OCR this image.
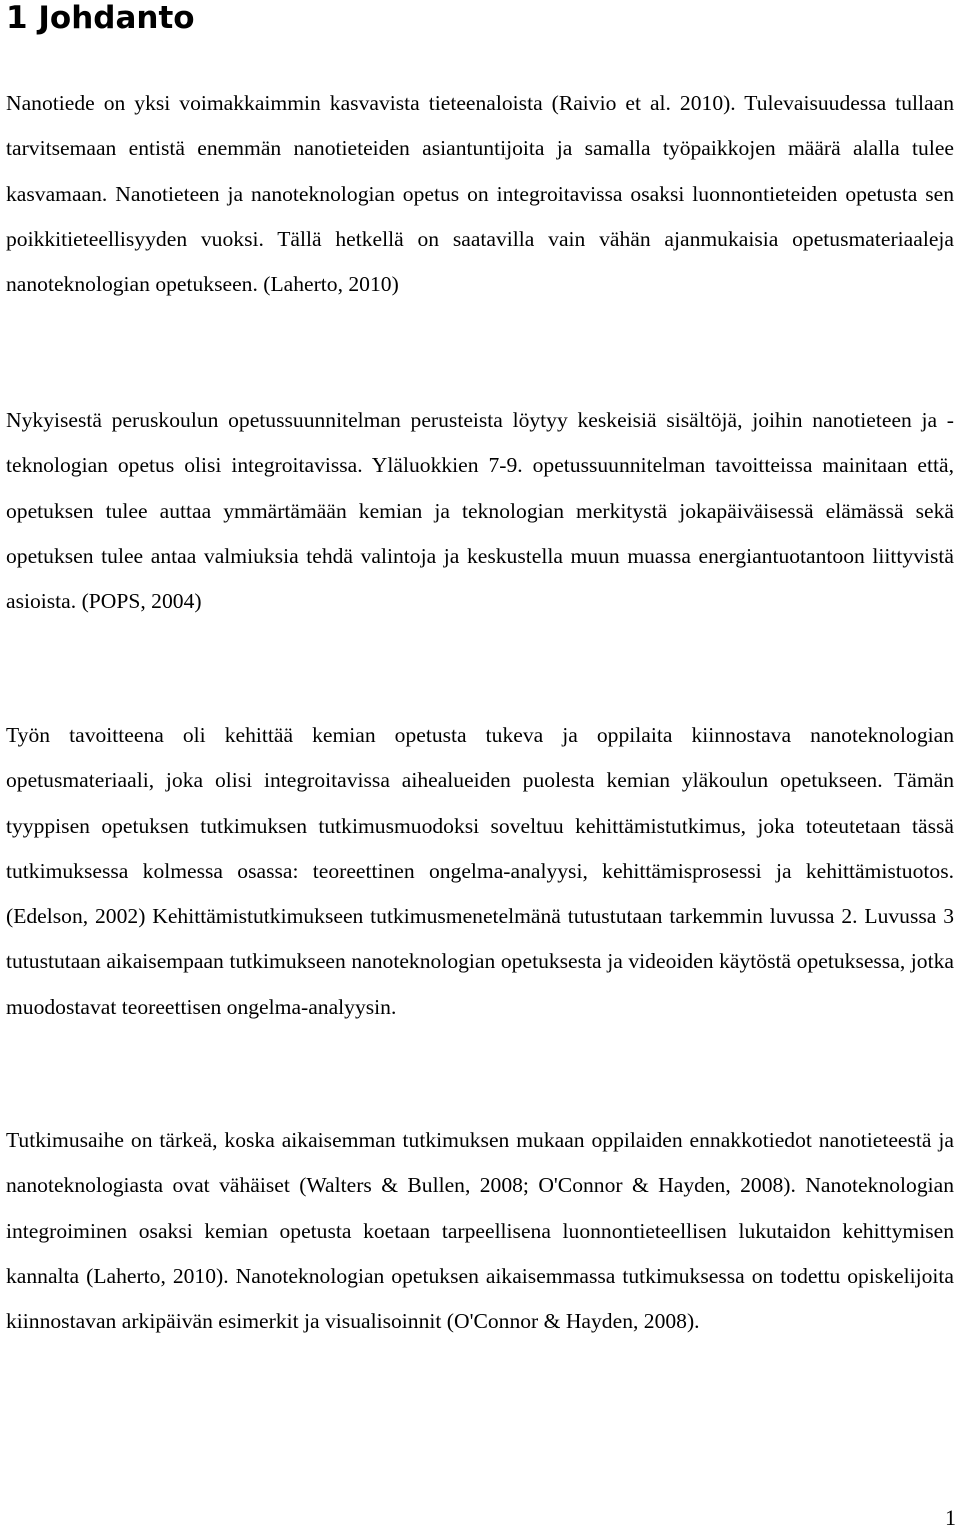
1 Johdanto

Nanotiede on yksi voimakkaimmin kasvavista tieteenaloista (Raivio et al. 2010). Tulevaisuudessa tullaan tarvitsemaan entistä enemmän nanotieteiden asiantuntijoita ja samalla työpaikkojen määrä alalla tulee kasvamaan. Nanotieteen ja nanoteknologian opetus on integroitavissa osaksi luonnontieteiden opetusta sen poikkitieteellisyyden vuoksi. Tällä hetkellä on saatavilla vain vähän ajanmukaisia opetusmateriaaleja nanoteknologian opetukseen. (Laherto, 2010)

Nykyisestä peruskoulun opetussuunnitelman perusteista löytyy keskeisiä sisältöjä, joihin nanotieteen ja -teknologian opetus olisi integroitavissa. Yläluokkien 7-9. opetussuunnitelman tavoitteissa mainitaan että, opetuksen tulee auttaa ymmärtämään kemian ja teknologian merkitystä jokapäiväisessä elämässä sekä opetuksen tulee antaa valmiuksia tehdä valintoja ja keskustella muun muassa energiantuotantoon liittyvistä asioista. (POPS, 2004)

Työn tavoitteena oli kehittää kemian opetusta tukeva ja oppilaita kiinnostava nanoteknologian opetusmateriaali, joka olisi integroitavissa aihealueiden puolesta kemian yläkoulun opetukseen. Tämän tyyppisen opetuksen tutkimuksen tutkimusmuodoksi soveltuu kehittämistutkimus, joka toteutetaan tässä tutkimuksessa kolmessa osassa: teoreettinen ongelma-analyysi, kehittämisprosessi ja kehittämistuotos. (Edelson, 2002) Kehittämistutkimukseen tutkimusmenetelmänä tutustutaan tarkemmin luvussa 2. Luvussa 3 tutustutaan aikaisempaan tutkimukseen nanoteknologian opetuksesta ja videoiden käytöstä opetuksessa, jotka muodostavat teoreettisen ongelma-analyysin.

Tutkimusaihe on tärkeä, koska aikaisemman tutkimuksen mukaan oppilaiden ennakkotiedot nanotieteestä ja nanoteknologiasta ovat vähäiset (Walters & Bullen, 2008; O'Connor & Hayden, 2008). Nanoteknologian integroiminen osaksi kemian opetusta koetaan tarpeellisena luonnontieteellisen lukutaidon kehittymisen kannalta (Laherto, 2010). Nanoteknologian opetuksen aikaisemmassa tutkimuksessa on todettu opiskelijoita kiinnostavan arkipäivän esimerkit ja visualisoinnit (O'Connor & Hayden, 2008).

1
